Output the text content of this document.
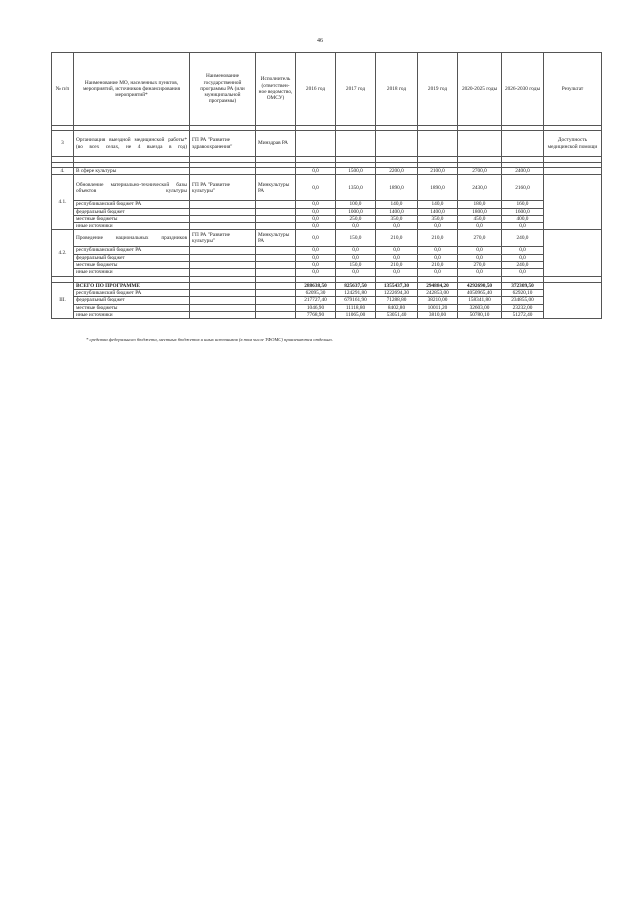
46
№ п/п	Наименование МО, населенных пунктов, мероприятий, источников финансирования мероприятий*	Наименование государственной программы РА (или муниципальной программы)	Исполнитель (ответствен-ное ведомство, ОМСУ)	2016 год	2017 год	2018 год	2019 год	2020-2025 годы	2026-2030 годы	Результат

3	Организация выездной медицинской работы* (во всех селах, не 4 выезда в год)	ГП РА "Развитие здравоохранения"	Минздрав РА							Доступность медицинской помощи

4.	В сфере культуры			0,0	1500,0	2200,0	2100,0	2700,0	2400,0	
4.1.	Обновление материально-технической базы объектов культуры	ГП РА "Развитие культуры"	Минкультуры РА	0,0	1350,0	1890,0	1890,0	2430,0	2160,0	
	республиканский бюджет РА			0,0	100,0	140,0	140,0	180,0	160,0	
	федеральный бюджет			0,0	1000,0	1400,0	1400,0	1800,0	1600,0	
	местные бюджеты			0,0	250,0	350,0	350,0	450,0	400,0	
	иные источники			0,0	0,0	0,0	0,0	0,0	0,0	
4.2.	Проведение национальных праздников	ГП РА "Развитие культуры"	Минкультуры РА	0,0	150,0	210,0	210,0	270,0	240,0	
	республиканский бюджет РА			0,0	0,0	0,0	0,0	0,0	0,0	
	федеральный бюджет			0,0	0,0	0,0	0,0	0,0	0,0	
	местные бюджеты			0,0	150,0	210,0	210,0	270,0	240,0	
	иные источники			0,0	0,0	0,0	0,0	0,0	0,0	

III.	ВСЕГО ПО ПРОГРАММЕ			288638,50	825637,50	1355437,30	294884,20	4292690,50	372309,50	
	республиканский бюджет РА			62095,30	124291,80	1222694,30	242853,00	4050965,40	62920,10	
	федеральный бюджет			217727,40	679161,90	71288,80	38210,00	158341,80	234855,00	
	местные бюджеты			1046,90	11118,80	8402,80	10011,20	32603,00	23232,00	
	иные источники			7768,90	11065,00	53051,40	3810,00	50780,10	51272,40	
* средства федерального бюджета, местных бюджетов и иных источников (в том числе ТФОМС) привлекаются отдельно.
